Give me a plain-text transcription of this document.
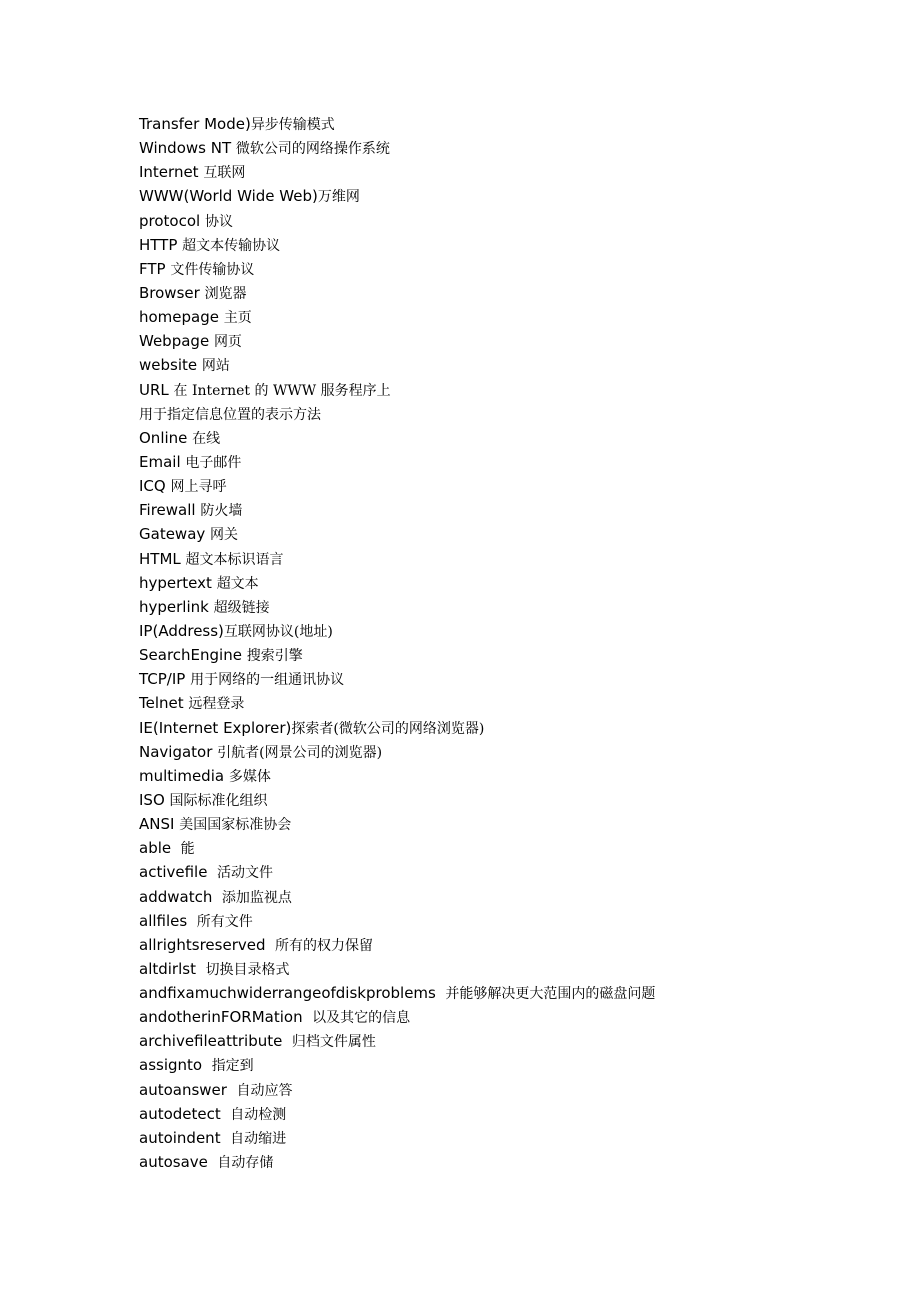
Transfer Mode)异步传输模式
Windows NT 微软公司的网络操作系统
Internet 互联网
WWW(World Wide Web)万维网
protocol 协议
HTTP 超文本传输协议
FTP 文件传输协议
Browser 浏览器
homepage 主页
Webpage 网页
website 网站
URL 在 Internet 的 WWW 服务程序上
用于指定信息位置的表示方法
Online 在线
Email 电子邮件
ICQ 网上寻呼
Firewall 防火墙
Gateway 网关
HTML 超文本标识语言
hypertext 超文本
hyperlink 超级链接
IP(Address)互联网协议(地址)
SearchEngine 搜索引擎
TCP/IP 用于网络的一组通讯协议
Telnet 远程登录
IE(Internet Explorer)探索者(微软公司的网络浏览器)
Navigator 引航者(网景公司的浏览器)
multimedia 多媒体
ISO 国际标准化组织
ANSI 美国国家标准协会
able  能
activefile  活动文件
addwatch  添加监视点
allfiles  所有文件
allrightsreserved  所有的权力保留
altdirlst  切换目录格式
andfixamuchwiderrangeofdiskproblems  并能够解决更大范围内的磁盘问题
andotherinFORMation  以及其它的信息
archivefileattribute  归档文件属性
assignto  指定到
autoanswer  自动应答
autodetect  自动检测
autoindent  自动缩进
autosave  自动存储
